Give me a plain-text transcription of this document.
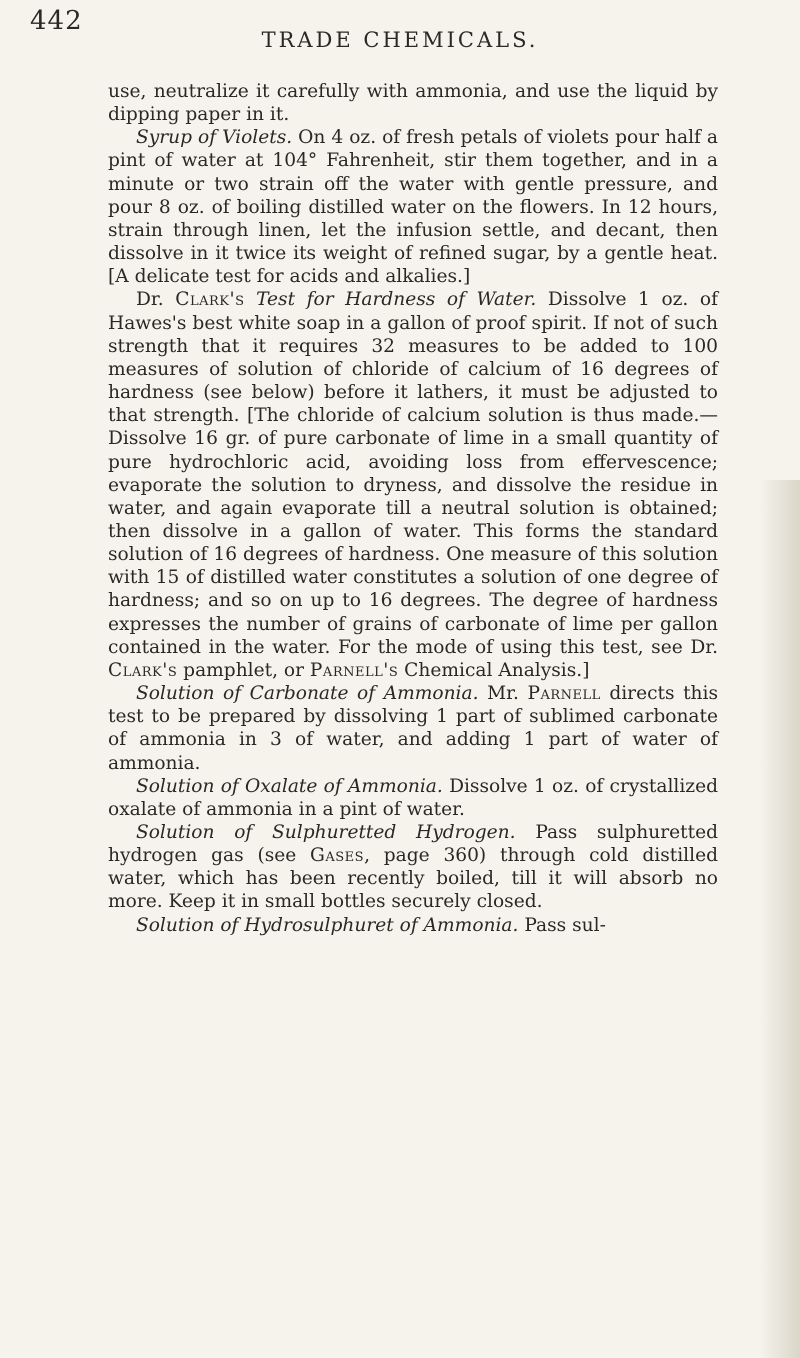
442
TRADE CHEMICALS.

use, neutralize it carefully with ammonia, and use the liquid by dipping paper in it.

Syrup of Violets. On 4 oz. of fresh petals of violets pour half a pint of water at 104° Fahrenheit, stir them together, and in a minute or two strain off the water with gentle pressure, and pour 8 oz. of boiling distilled water on the flowers. In 12 hours, strain through linen, let the infusion settle, and decant, then dissolve in it twice its weight of refined sugar, by a gentle heat. [A delicate test for acids and alkalies.]

Dr. Clark's Test for Hardness of Water. Dissolve 1 oz. of Hawes's best white soap in a gallon of proof spirit. If not of such strength that it requires 32 measures to be added to 100 measures of solution of chloride of calcium of 16 degrees of hardness (see below) before it lathers, it must be adjusted to that strength. [The chloride of calcium solution is thus made.—Dissolve 16 gr. of pure carbonate of lime in a small quantity of pure hydrochloric acid, avoiding loss from effervescence; evaporate the solution to dryness, and dissolve the residue in water, and again evaporate till a neutral solution is obtained; then dissolve in a gallon of water. This forms the standard solution of 16 degrees of hardness. One measure of this solution with 15 of distilled water constitutes a solution of one degree of hardness; and so on up to 16 degrees. The degree of hardness expresses the number of grains of carbonate of lime per gallon contained in the water. For the mode of using this test, see Dr. Clark's pamphlet, or Parnell's Chemical Analysis.]

Solution of Carbonate of Ammonia. Mr. Parnell directs this test to be prepared by dissolving 1 part of sublimed carbonate of ammonia in 3 of water, and adding 1 part of water of ammonia.

Solution of Oxalate of Ammonia. Dissolve 1 oz. of crystallized oxalate of ammonia in a pint of water.

Solution of Sulphuretted Hydrogen. Pass sulphuretted hydrogen gas (see Gases, page 360) through cold distilled water, which has been recently boiled, till it will absorb no more. Keep it in small bottles securely closed.

Solution of Hydrosulphuret of Ammonia. Pass sul-
